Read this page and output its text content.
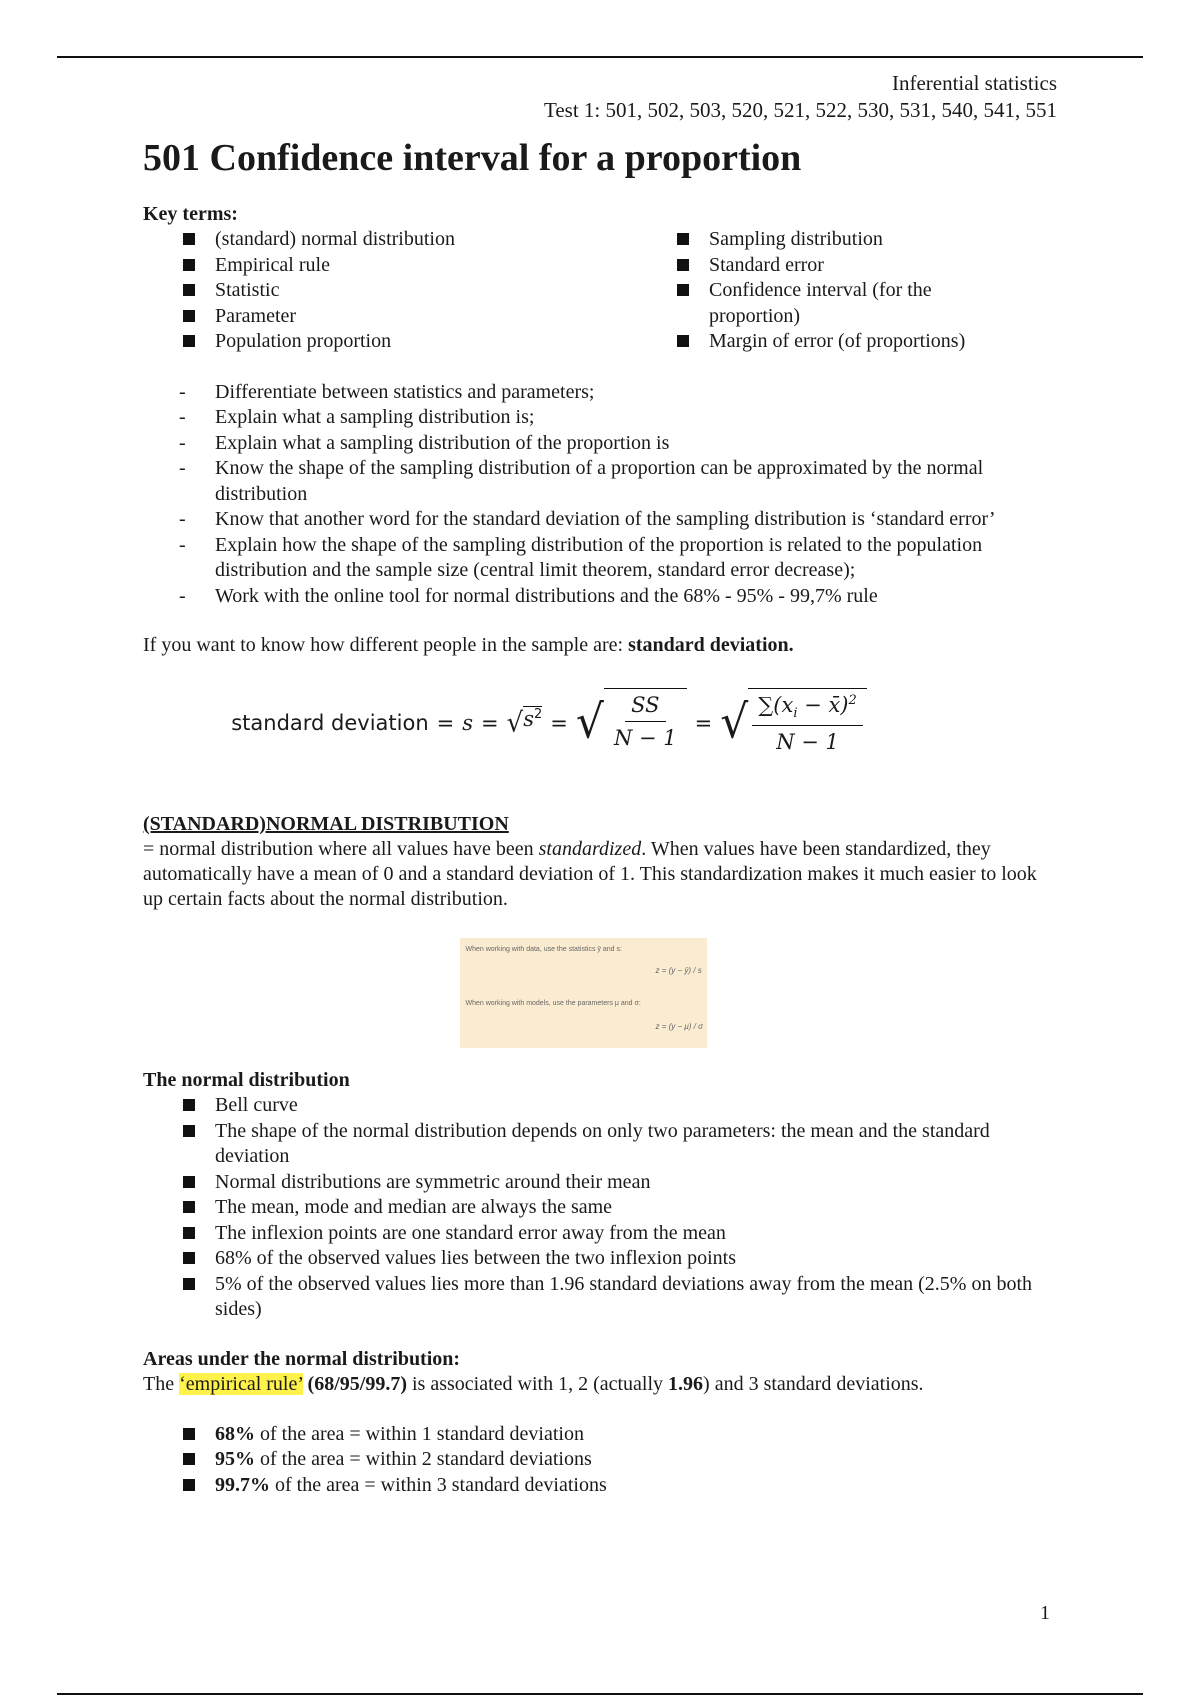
Inferential statistics
Test 1: 501, 502, 503, 520, 521, 522, 530, 531, 540, 541, 551
501 Confidence interval for a proportion
Key terms:
(standard) normal distribution
Empirical rule
Statistic
Parameter
Population proportion
Sampling distribution
Standard error
Confidence interval (for the proportion)
Margin of error (of proportions)
- Differentiate between statistics and parameters;
- Explain what a sampling distribution is;
- Explain what a sampling distribution of the proportion is
- Know the shape of the sampling distribution of a proportion can be approximated by the normal distribution
- Know that another word for the standard deviation of the sampling distribution is ‘standard error’
- Explain how the shape of the sampling distribution of the proportion is related to the population distribution and the sample size (central limit theorem, standard error decrease);
- Work with the online tool for normal distributions and the 68% - 95% - 99,7% rule
If you want to know how different people in the sample are: standard deviation.
standard deviation = s = √ $s^2$ = √ $\frac{SS}{N - 1}$ = √ $\frac{\sum(x_i - x̄)^2}{N - 1}$
(STANDARD)NORMAL DISTRIBUTION
= normal distribution where all values have been standardized. When values have been standardized, they automatically have a mean of 0 and a standard deviation of 1. This standardization makes it much easier to look up certain facts about the normal distribution.
When working with data, use the statistics ȳ and s:
z = (y − ȳ) / s
When working with models, use the parameters μ and σ:
z = (y − μ) / σ
The normal distribution
Bell curve
The shape of the normal distribution depends on only two parameters: the mean and the standard deviation
Normal distributions are symmetric around their mean
The mean, mode and median are always the same
The inflexion points are one standard error away from the mean
68% of the observed values lies between the two inflexion points
5% of the observed values lies more than 1.96 standard deviations away from the mean (2.5% on both sides)
Areas under the normal distribution:
The ‘empirical rule’ (68/95/99.7) is associated with 1, 2 (actually 1.96) and 3 standard deviations.
68% of the area = within 1 standard deviation
95% of the area = within 2 standard deviations
99.7% of the area = within 3 standard deviations
1
